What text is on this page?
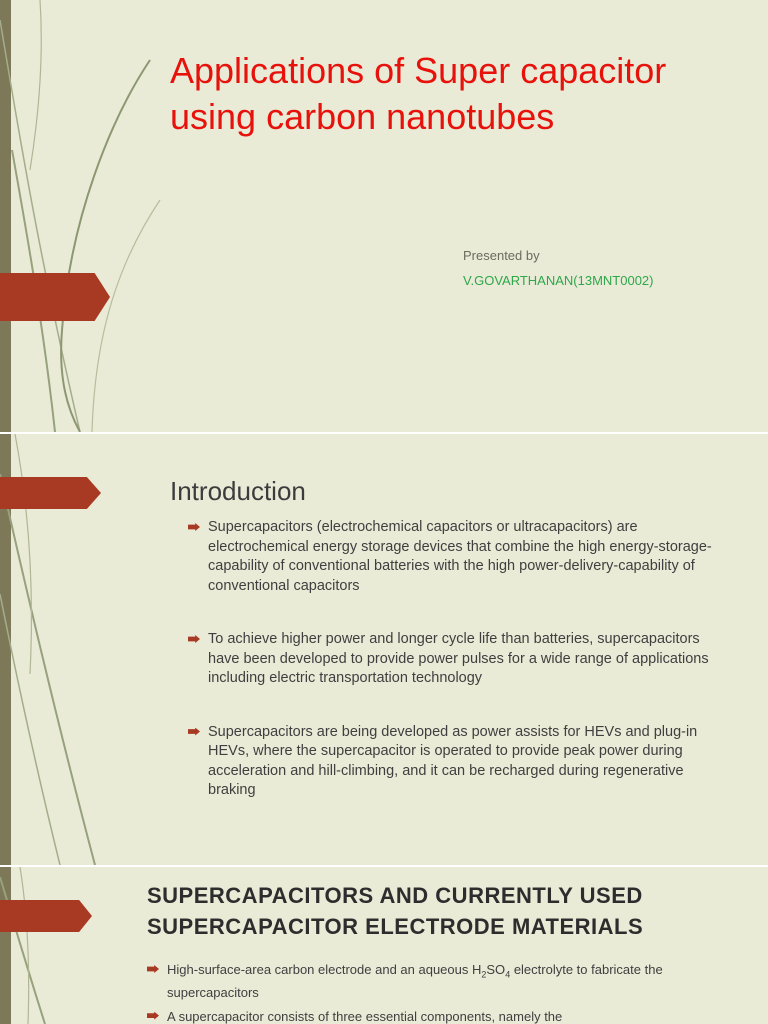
Applications of Super capacitor using carbon nanotubes
Presented by
V.GOVARTHANAN(13MNT0002)
Introduction
Supercapacitors (electrochemical capacitors or ultracapacitors) are electrochemical energy storage devices that combine the high energy-storage-capability of conventional batteries with the high power-delivery-capability of conventional capacitors
To achieve higher power and longer cycle life than batteries, supercapacitors have been developed to provide power pulses for a wide range of applications including electric transportation technology
Supercapacitors are being developed as power assists for HEVs and plug-in HEVs, where the supercapacitor is operated to provide peak power during acceleration and hill-climbing, and it can be recharged during regenerative braking
SUPERCAPACITORS AND CURRENTLY USED SUPERCAPACITOR ELECTRODE MATERIALS
High-surface-area carbon electrode and an aqueous $H_2SO_4$ electrolyte to fabricate the supercapacitors
A supercapacitor consists of three essential components, namely the
